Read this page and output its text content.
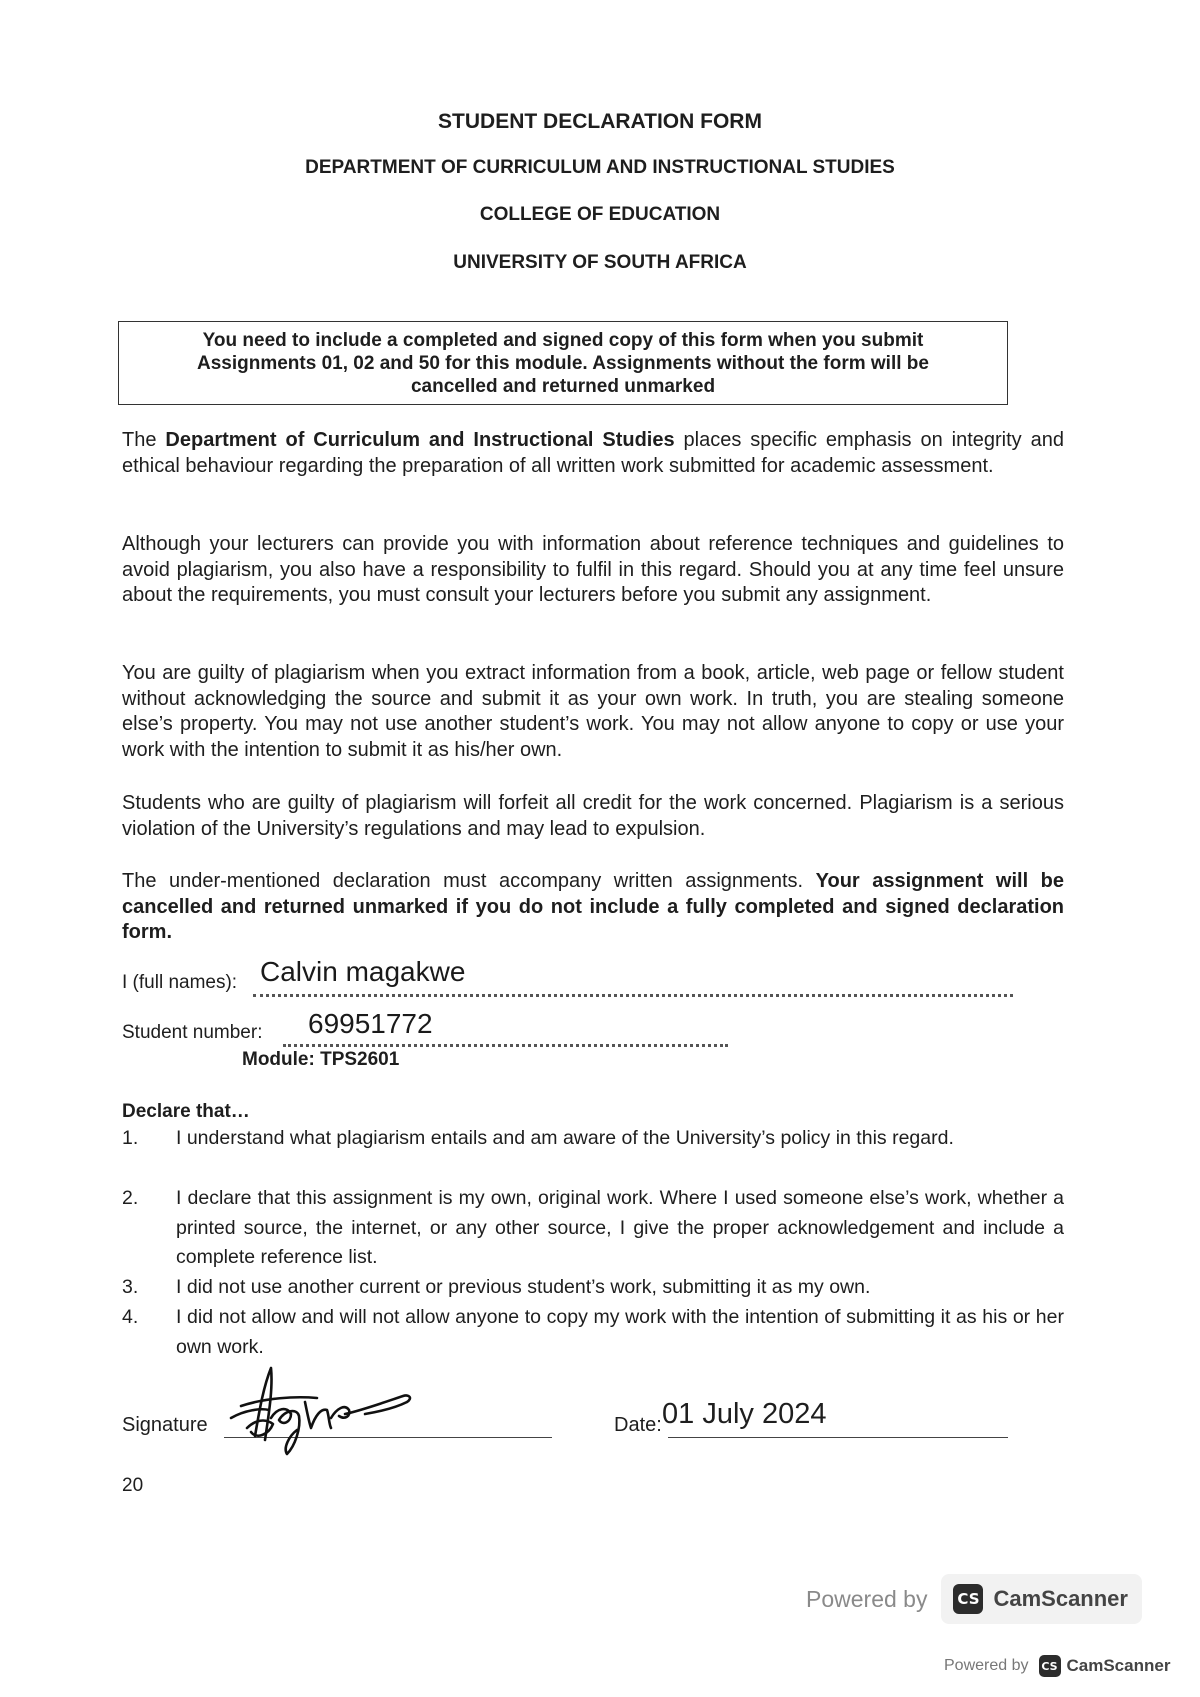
STUDENT DECLARATION FORM
DEPARTMENT OF CURRICULUM AND INSTRUCTIONAL STUDIES
COLLEGE OF EDUCATION
UNIVERSITY OF SOUTH AFRICA
You need to include a completed and signed copy of this form when you submit Assignments 01, 02 and 50 for this module. Assignments without the form will be cancelled and returned unmarked
The Department of Curriculum and Instructional Studies places specific emphasis on integrity and ethical behaviour regarding the preparation of all written work submitted for academic assessment.
Although your lecturers can provide you with information about reference techniques and guidelines to avoid plagiarism, you also have a responsibility to fulfil in this regard. Should you at any time feel unsure about the requirements, you must consult your lecturers before you submit any assignment.
You are guilty of plagiarism when you extract information from a book, article, web page or fellow student without acknowledging the source and submit it as your own work. In truth, you are stealing someone else’s property. You may not use another student’s work. You may not allow anyone to copy or use your work with the intention to submit it as his/her own.
Students who are guilty of plagiarism will forfeit all credit for the work concerned. Plagiarism is a serious violation of the University’s regulations and may lead to expulsion.
The under-mentioned declaration must accompany written assignments. Your assignment will be cancelled and returned unmarked if you do not include a fully completed and signed declaration form.
I (full names): Calvin magakwe
Student number: 69951772
Module: TPS2601
Declare that…
1.	I understand what plagiarism entails and am aware of the University’s policy in this regard.
2.	I declare that this assignment is my own, original work. Where I used someone else’s work, whether a printed source, the internet, or any other source, I give the proper acknowledgement and include a complete reference list.
3.	I did not use another current or previous student’s work, submitting it as my own.
4.	I did not allow and will not allow anyone to copy my work with the intention of submitting it as his or her own work.
Signature	Date: 01 July 2024
20
Powered by CS CamScanner
Powered by CS CamScanner
